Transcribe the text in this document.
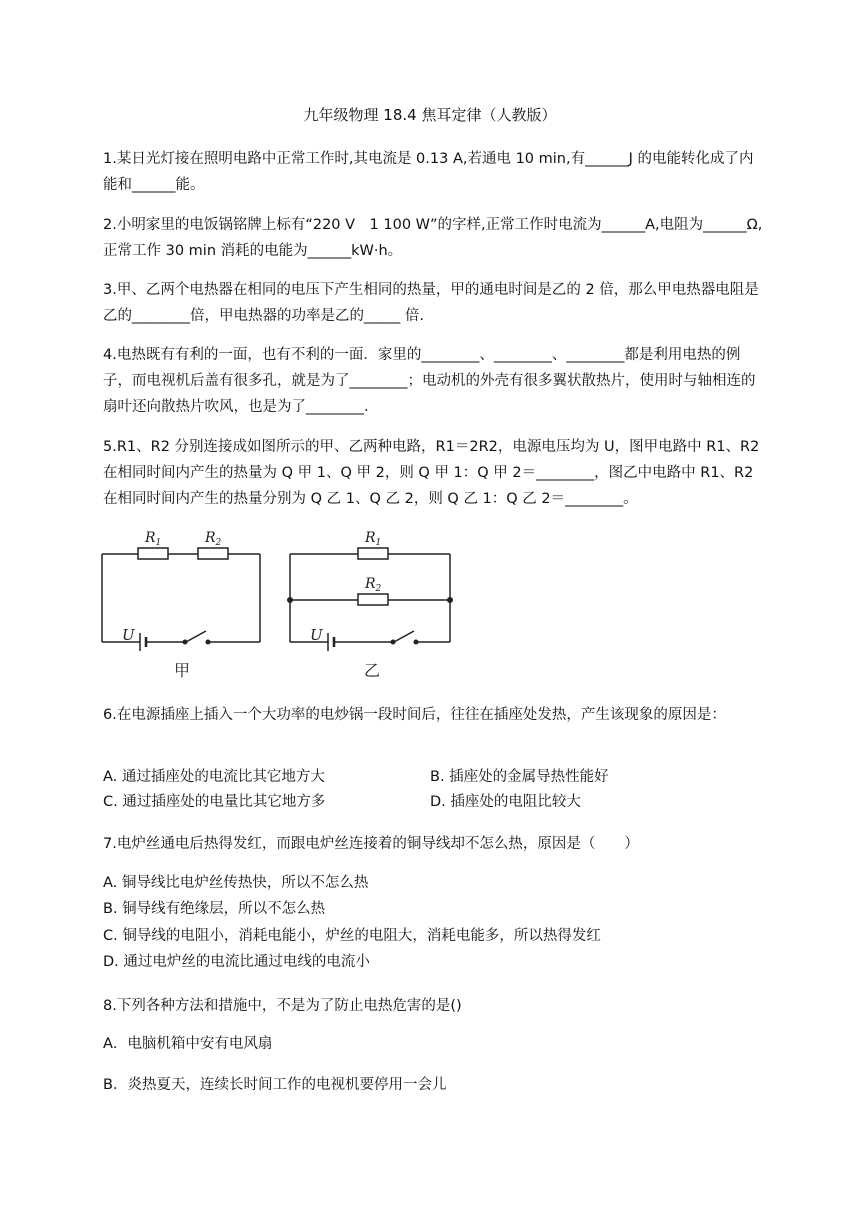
九年级物理 18.4 焦耳定律（人教版）

1.某日光灯接在照明电路中正常工作时,其电流是 0.13 A,若通电 10 min,有______J 的电能转化成了内能和______能。

2.小明家里的电饭锅铭牌上标有“220 V　1 100 W”的字样,正常工作时电流为______A,电阻为______Ω,正常工作 30 min 消耗的电能为______kW·h。

3.甲、乙两个电热器在相同的电压下产生相同的热量，甲的通电时间是乙的 2 倍，那么甲电热器电阻是乙的________倍，甲电热器的功率是乙的_____ 倍.

4.电热既有有利的一面，也有不利的一面．家里的________、________、________都是利用电热的例子，而电视机后盖有很多孔，就是为了________；电动机的外壳有很多翼状散热片，使用时与轴相连的扇叶还向散热片吹风，也是为了________.

5.R1、R2 分别连接成如图所示的甲、乙两种电路，R1＝2R2，电源电压均为 U，图甲电路中 R1、R2 在相同时间内产生的热量为 Q 甲 1、Q 甲 2，则 Q 甲 1：Q 甲 2＝________，图乙中电路中 R1、R2 在相同时间内产生的热量分别为 Q 乙 1、Q 乙 2，则 Q 乙 1：Q 乙 2＝________。

$R_1$	$R_2$
U
$R_1$
$R_2$
U
甲	乙

6.在电源插座上插入一个大功率的电炒锅一段时间后，往往在插座处发热，产生该现象的原因是：

A. 通过插座处的电流比其它地方大	B. 插座处的金属导热性能好
C. 通过插座处的电量比其它地方多	D. 插座处的电阻比较大

7.电炉丝通电后热得发红，而跟电炉丝连接着的铜导线却不怎么热，原因是（　　）

A. 铜导线比电炉丝传热快，所以不怎么热
B. 铜导线有绝缘层，所以不怎么热
C. 铜导线的电阻小，消耗电能小，炉丝的电阻大，消耗电能多，所以热得发红
D. 通过电炉丝的电流比通过电线的电流小

8.下列各种方法和措施中，不是为了防止电热危害的是()

A．电脑机箱中安有电风扇
B．炎热夏天，连续长时间工作的电视机要停用一会儿
